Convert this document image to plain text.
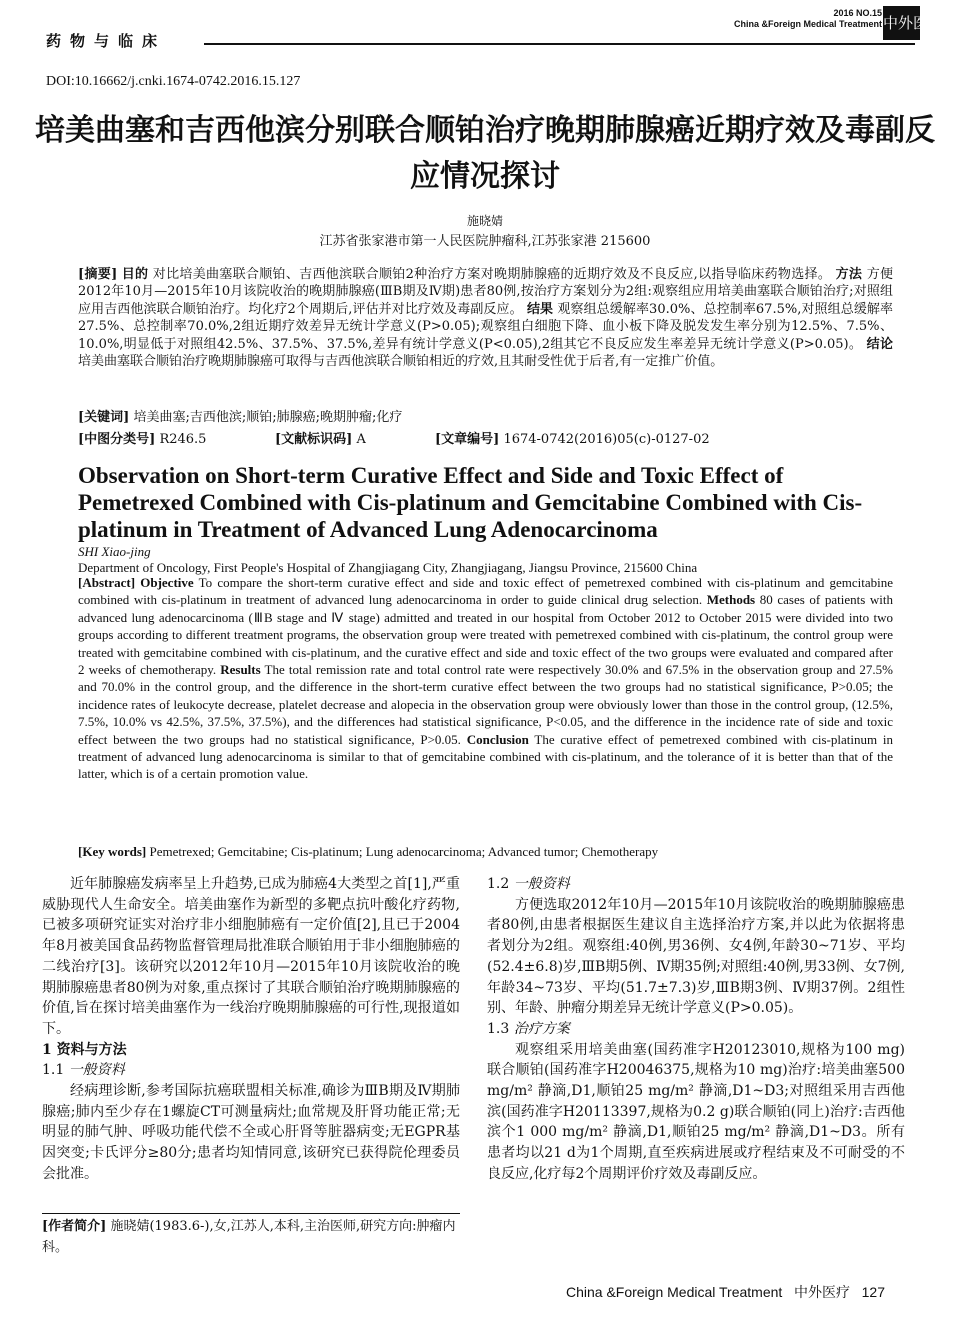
药物与临床
2016 NO.15
China &Foreign Medical Treatment 中外医疗
DOI:10.16662/j.cnki.1674-0742.2016.15.127
培美曲塞和吉西他滨分别联合顺铂治疗晚期肺腺癌近期疗效及毒副反应情况探讨
施晓婧
江苏省张家港市第一人民医院肿瘤科,江苏张家港 215600
[摘要] 目的 对比培美曲塞联合顺铂、吉西他滨联合顺铂2种治疗方案对晚期肺腺癌的近期疗效及不良反应,以指导临床药物选择。 方法 方便2012年10月—2015年10月该院收治的晚期肺腺癌(ⅢB期及Ⅳ期)患者80例,按治疗方案划分为2组:观察组应用培美曲塞联合顺铂治疗;对照组应用吉西他滨联合顺铂治疗。均化疗2个周期后,评估并对比疗效及毒副反应。 结果 观察组总缓解率30.0%、总控制率67.5%,对照组总缓解率27.5%、总控制率70.0%,2组近期疗效差异无统计学意义(P>0.05);观察组白细胞下降、血小板下降及脱发发生率分别为12.5%、7.5%、10.0%,明显低于对照组42.5%、37.5%、37.5%,差异有统计学意义(P<0.05),2组其它不良反应发生率差异无统计学意义(P>0.05)。 结论 培美曲塞联合顺铂治疗晚期肺腺癌可取得与吉西他滨联合顺铂相近的疗效,且其耐受性优于后者,有一定推广价值。
[关键词] 培美曲塞;吉西他滨;顺铂;肺腺癌;晚期肿瘤;化疗
[中图分类号] R246.5	[文献标识码] A	[文章编号] 1674-0742(2016)05(c)-0127-02
Observation on Short-term Curative Effect and Side and Toxic Effect of Pemetrexed Combined with Cis-platinum and Gemcitabine Combined with Cis-platinum in Treatment of Advanced Lung Adenocarcinoma
SHI Xiao-jing
Department of Oncology, First People's Hospital of Zhangjiagang City, Zhangjiagang, Jiangsu Province, 215600 China
[Abstract] Objective To compare the short-term curative effect and side and toxic effect of pemetrexed combined with cis-platinum and gemcitabine combined with cis-platinum in treatment of advanced lung adenocarcinoma in order to guide clinical drug selection. Methods 80 cases of patients with advanced lung adenocarcinoma (ⅢB stage and Ⅳ stage) admitted and treated in our hospital from October 2012 to October 2015 were divided into two groups according to different treatment programs, the observation group were treated with pemetrexed combined with cis-platinum, the control group were treated with gemcitabine combined with cis-platinum, and the curative effect and side and toxic effect of the two groups were evaluated and compared after 2 weeks of chemotherapy. Results The total remission rate and total control rate were respectively 30.0% and 67.5% in the observation group and 27.5% and 70.0% in the control group, and the difference in the short-term curative effect between the two groups had no statistical significance, P>0.05; the incidence rates of leukocyte decrease, platelet decrease and alopecia in the observation group were obviously lower than those in the control group, (12.5%, 7.5%, 10.0% vs 42.5%, 37.5%, 37.5%), and the differences had statistical significance, P<0.05, and the difference in the incidence rate of side and toxic effect between the two groups had no statistical significance, P>0.05. Conclusion The curative effect of pemetrexed combined with cis-platinum in treatment of advanced lung adenocarcinoma is similar to that of gemcitabine combined with cis-platinum, and the tolerance of it is better than that of the latter, which is of a certain promotion value.
[Key words] Pemetrexed; Gemcitabine; Cis-platinum; Lung adenocarcinoma; Advanced tumor; Chemotherapy

近年肺腺癌发病率呈上升趋势,已成为肺癌4大类型之首[1],严重威胁现代人生命安全。培美曲塞作为新型的多靶点抗叶酸化疗药物,已被多项研究证实对治疗非小细胞肺癌有一定价值[2],且已于2004年8月被美国食品药物监督管理局批准联合顺铂用于非小细胞肺癌的二线治疗[3]。该研究以2012年10月—2015年10月该院收治的晚期肺腺癌患者80例为对象,重点探讨了其联合顺铂治疗晚期肺腺癌的价值,旨在探讨培美曲塞作为一线治疗晚期肺腺癌的可行性,现报道如下。

1 资料与方法

1.1 一般资料

经病理诊断,参考国际抗癌联盟相关标准,确诊为ⅢB期及Ⅳ期肺腺癌;肺内至少存在1螺旋CT可测量病灶;血常规及肝肾功能正常;无明显的肺气肿、呼吸功能代偿不全或心肝肾等脏器病变;无EGPR基因突变;卡氏评分≥80分;患者均知情同意,该研究已获得院伦理委员会批准。

[作者简介] 施晓婧(1983.6-),女,江苏人,本科,主治医师,研究方向:肿瘤内科。

1.2 一般资料

方便选取2012年10月—2015年10月该院收治的晚期肺腺癌患者80例,由患者根据医生建议自主选择治疗方案,并以此为依据将患者划分为2组。观察组:40例,男36例、女4例,年龄30~71岁、平均(52.4±6.8)岁,ⅢB期5例、Ⅳ期35例;对照组:40例,男33例、女7例,年龄34~73岁、平均(51.7±7.3)岁,ⅢB期3例、Ⅳ期37例。2组性别、年龄、肿瘤分期差异无统计学意义(P>0.05)。

1.3 治疗方案

观察组采用培美曲塞(国药准字H20123010,规格为100 mg)联合顺铂(国药准字H20046375,规格为10 mg)治疗:培美曲塞500 mg/m² 静滴,D1,顺铂25 mg/m² 静滴,D1~D3;对照组采用吉西他滨(国药准字H20113397,规格为0.2 g)联合顺铂(同上)治疗:吉西他滨个1 000 mg/m² 静滴,D1,顺铂25 mg/m² 静滴,D1~D3。所有患者均以21 d为1个周期,直至疾病进展或疗程结束及不可耐受的不良反应,化疗每2个周期评价疗效及毒副反应。

China &Foreign Medical Treatment 中外医疗 127
